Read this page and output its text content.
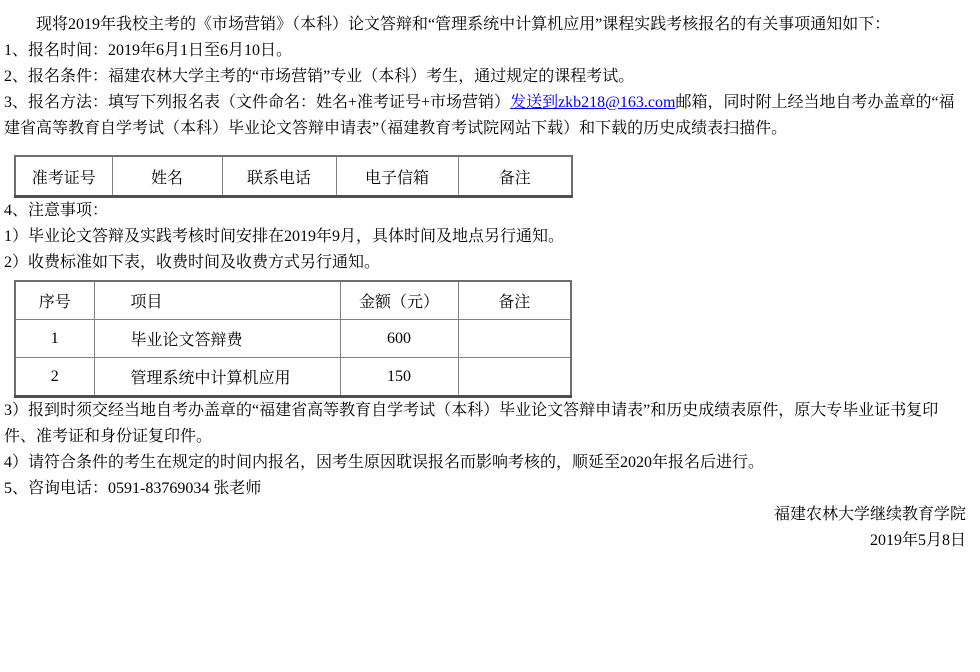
现将2019年我校主考的《市场营销》（本科）论文答辩和“管理系统中计算机应用”课程实践考核报名的有关事项通知如下：

1、报名时间：2019年6月1日至6月10日。

2、报名条件：福建农林大学主考的“市场营销”专业（本科）考生，通过规定的课程考试。

3、报名方法：填写下列报名表（文件命名：姓名+准考证号+市场营销）发送到zkb218@163.com邮箱，同时附上经当地自考办盖章的“福建省高等教育自学考试（本科）毕业论文答辩申请表”（福建教育考试院网站下载）和下载的历史成绩表扫描件。

准考证号	姓名	联系电话	电子信箱	备注

4、注意事项：

1）毕业论文答辩及实践考核时间安排在2019年9月，具体时间及地点另行通知。

2）收费标准如下表，收费时间及收费方式另行通知。

序号	项目	金额（元）	备注
1	毕业论文答辩费	600	
2	管理系统中计算机应用	150	

3）报到时须交经当地自考办盖章的“福建省高等教育自学考试（本科）毕业论文答辩申请表”和历史成绩表原件，原大专毕业证书复印件、准考证和身份证复印件。

4）请符合条件的考生在规定的时间内报名，因考生原因耽误报名而影响考核的，顺延至2020年报名后进行。

5、咨询电话：0591-83769034 张老师

福建农林大学继续教育学院

2019年5月8日
